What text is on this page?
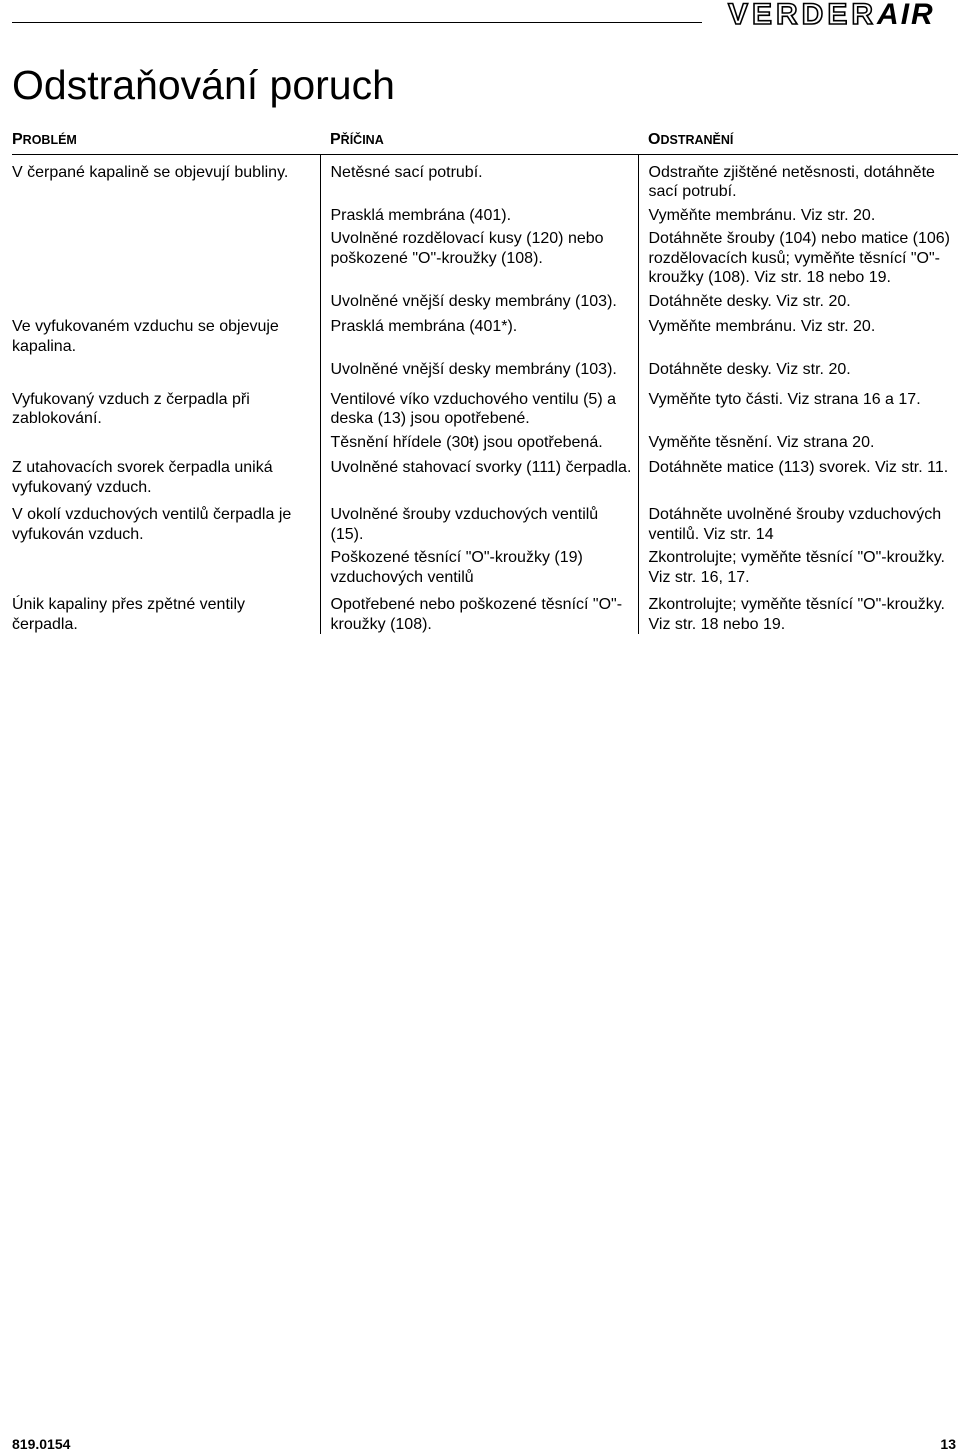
VERDERAIR
Odstraňování poruch
PROBLÉM	PŘÍČINA	ODSTRANĚNÍ
V čerpané kapalině se objevují bubliny.	Netěsné sací potrubí.	Odstraňte zjištěné netěsnosti, dotáhněte sací potrubí.
	Prasklá membrána (401).	Vyměňte membránu. Viz str. 20.
	Uvolněné rozdělovací kusy (120) nebo poškozené "O"-kroužky (108).	Dotáhněte šrouby (104) nebo matice (106) rozdělovacích kusů; vyměňte těsnící "O"-kroužky (108). Viz str. 18 nebo 19.
	Uvolněné vnější desky membrány (103).	Dotáhněte desky. Viz str. 20.
Ve vyfukovaném vzduchu se objevuje kapalina.	Prasklá membrána (401*).	Vyměňte membránu. Viz str. 20.
	Uvolněné vnější desky membrány (103).	Dotáhněte desky. Viz str. 20.
Vyfukovaný vzduch z čerpadla při zablokování.	Ventilové víko vzduchového ventilu (5) a deska (13) jsou opotřebené.	Vyměňte tyto části. Viz strana 16 a 17.
	Těsnění hřídele (30ŧ) jsou opotřebená.	Vyměňte těsnění. Viz strana 20.
Z utahovacích svorek čerpadla uniká vyfukovaný vzduch.	Uvolněné stahovací svorky (111) čerpadla.	Dotáhněte matice (113) svorek. Viz str. 11.
V okolí vzduchových ventilů čerpadla je vyfukován vzduch.	Uvolněné šrouby vzduchových ventilů (15).	Dotáhněte uvolněné šrouby vzduchových ventilů. Viz str. 14
	Poškozené těsnící "O"-kroužky (19) vzduchových ventilů	Zkontrolujte; vyměňte těsnící "O"-kroužky. Viz str. 16, 17.
Únik kapaliny přes zpětné ventily čerpadla.	Opotřebené nebo poškozené těsnící "O"-kroužky (108).	Zkontrolujte; vyměňte těsnící "O"-kroužky. Viz str. 18 nebo 19.
819.0154	13
